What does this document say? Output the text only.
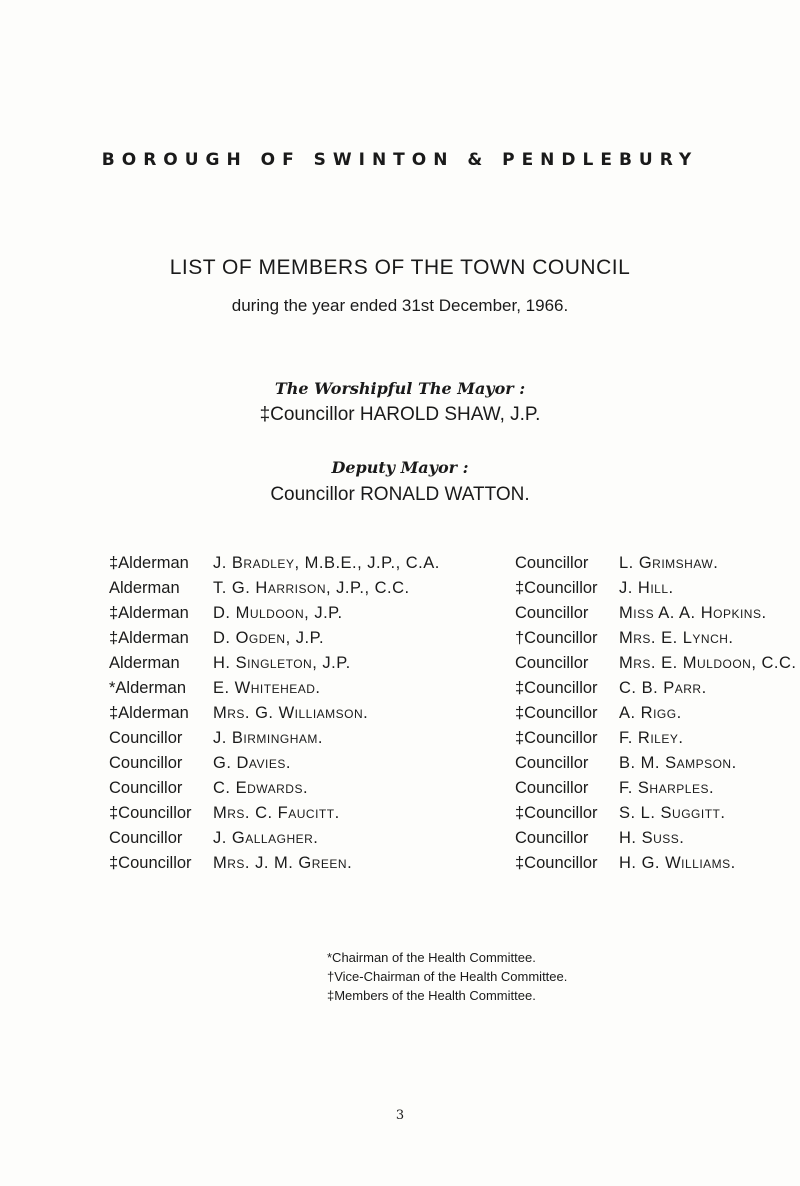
BOROUGH OF SWINTON & PENDLEBURY
LIST OF MEMBERS OF THE TOWN COUNCIL
during the year ended 31st December, 1966.
The Worshipful The Mayor :
‡Councillor HAROLD SHAW, J.P.
Deputy Mayor :
Councillor RONALD WATTON.
‡Alderman J. Bradley, M.B.E., J.P., C.A.
Alderman T. G. Harrison, J.P., C.C.
‡Alderman D. Muldoon, J.P.
‡Alderman D. Ogden, J.P.
Alderman H. Singleton, J.P.
*Alderman E. Whitehead.
‡Alderman Mrs. G. Williamson.
Councillor J. Birmingham.
Councillor G. Davies.
Councillor C. Edwards.
‡Councillor Mrs. C. Faucitt.
Councillor J. Gallagher.
‡Councillor Mrs. J. M. Green.
Councillor L. Grimshaw.
‡Councillor J. Hill.
Councillor Miss A. A. Hopkins.
†Councillor Mrs. E. Lynch.
Councillor Mrs. E. Muldoon, C.C.
‡Councillor C. B. Parr.
‡Councillor A. Rigg.
‡Councillor F. Riley.
Councillor B. M. Sampson.
Councillor F. Sharples.
‡Councillor S. L. Suggitt.
Councillor H. Suss.
‡Councillor H. G. Williams.
*Chairman of the Health Committee.
†Vice-Chairman of the Health Committee.
‡Members of the Health Committee.
3
